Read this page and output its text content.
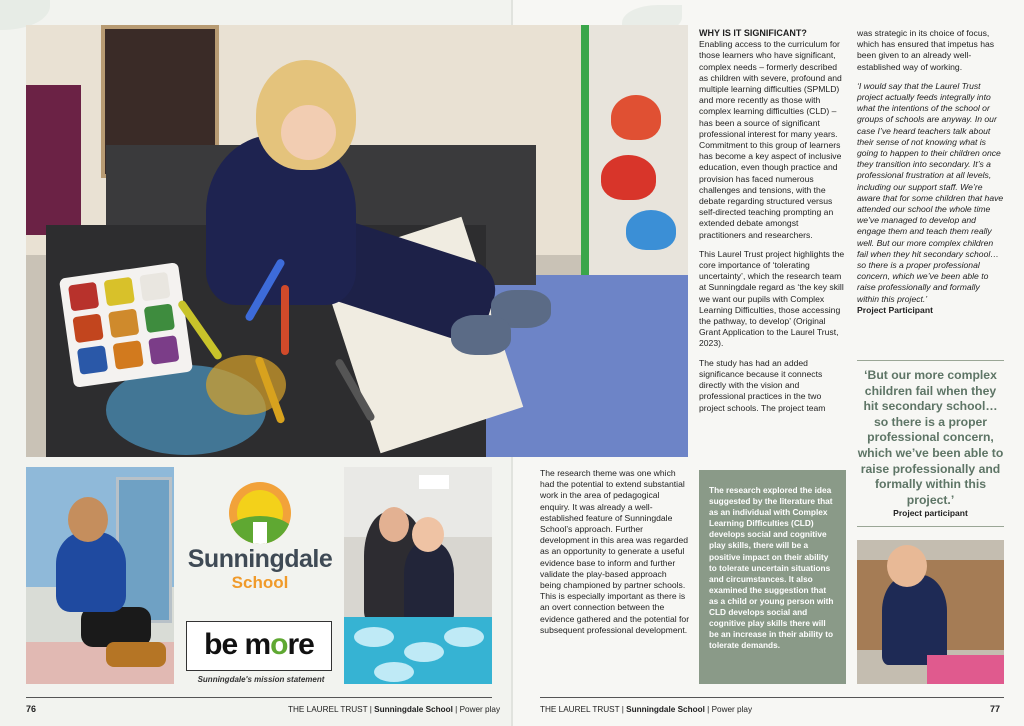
Sunningdale
School
be more
Sunningdale's mission statement

WHY IS IT SIGNIFICANT?
Enabling access to the curriculum for those learners who have significant, complex needs – formerly described as children with severe, profound and multiple learning difficulties (SPMLD) and more recently as those with complex learning difficulties (CLD) – has been a source of significant professional interest for many years. Commitment to this group of learners has become a key aspect of inclusive education, even though practice and provision has faced numerous challenges and tensions, with the debate regarding structured versus self-directed teaching prompting an extended debate amongst practitioners and researchers.

This Laurel Trust project highlights the core importance of ‘tolerating uncertainty’, which the research team at Sunningdale regard as ‘the key skill we want our pupils with Complex Learning Difficulties, those accessing the pathway, to develop’ (Original Grant Application to the Laurel Trust, 2023).

The study has had an added significance because it connects directly with the vision and professional practices in the two project schools. The project team

was strategic in its choice of focus, which has ensured that impetus has been given to an already well-established way of working.

‘I would say that the Laurel Trust project actually feeds integrally into what the intentions of the school or groups of schools are anyway. In our case I’ve heard teachers talk about their sense of not knowing what is going to happen to their children once they transition into secondary. It’s a professional frustration at all levels, including our support staff. We’re aware that for some children that have attended our school the whole time we’ve managed to develop and engage them and teach them really well. But our more complex children fail when they hit secondary school… so there is a proper professional concern, which we’ve been able to raise professionally and formally within this project.’
Project Participant

‘But our more complex children fail when they hit secondary school… so there is a proper professional concern, which we’ve been able to raise professionally and formally within this project.’
Project participant

The research theme was one which had the potential to extend substantial work in the area of pedagogical enquiry. It was already a well- established feature of Sunningdale School’s approach. Further development in this area was regarded as an opportunity to generate a useful evidence base to inform and further validate the play-based approach being championed by partner schools. This is especially important as there is an overt connection between the evidence gathered and the potential for subsequent professional development.

The research explored the idea suggested by the literature that as an individual with Complex Learning Difficulties (CLD) develops social and cognitive play skills, there will be a positive impact on their ability to tolerate uncertain situations and circumstances. It also examined the suggestion that as a child or young person with CLD develops social and cognitive play skills there will be an increase in their ability to tolerate demands.
76	THE LAUREL TRUST | Sunningdale School | Power play	THE LAUREL TRUST | Sunningdale School | Power play	77
